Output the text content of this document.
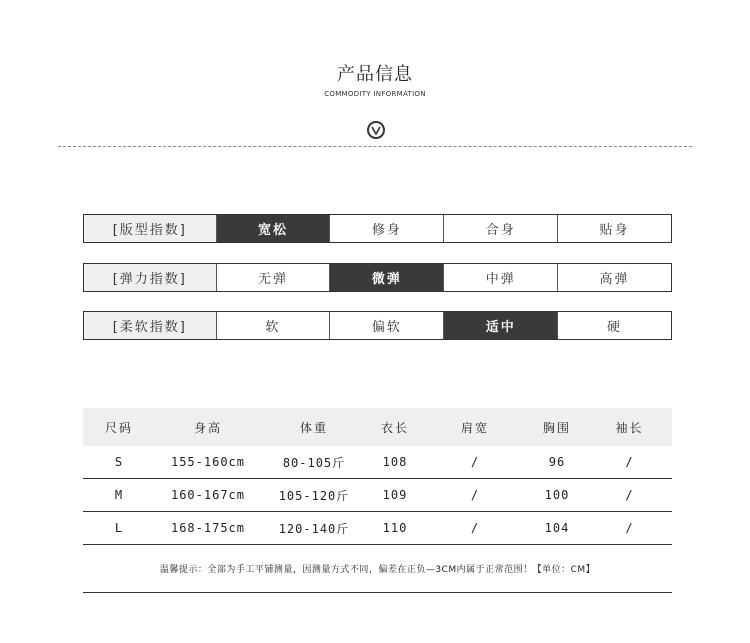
产品信息
COMMODITY INFORMATION
[版型指数]	宽松	修身	合身	贴身
[弹力指数]	无弹	微弹	中弹	高弹
[柔软指数]	软	偏软	适中	硬
尺码	身高	体重	衣长	肩宽	胸围	袖长
S	155-160cm	80-105斤	108	/	96	/
M	160-167cm	105-120斤	109	/	100	/
L	168-175cm	120-140斤	110	/	104	/
温馨提示：全部为手工平铺测量，因测量方式不同，偏差在正负—3CM内属于正常范围！【单位：CM】						
